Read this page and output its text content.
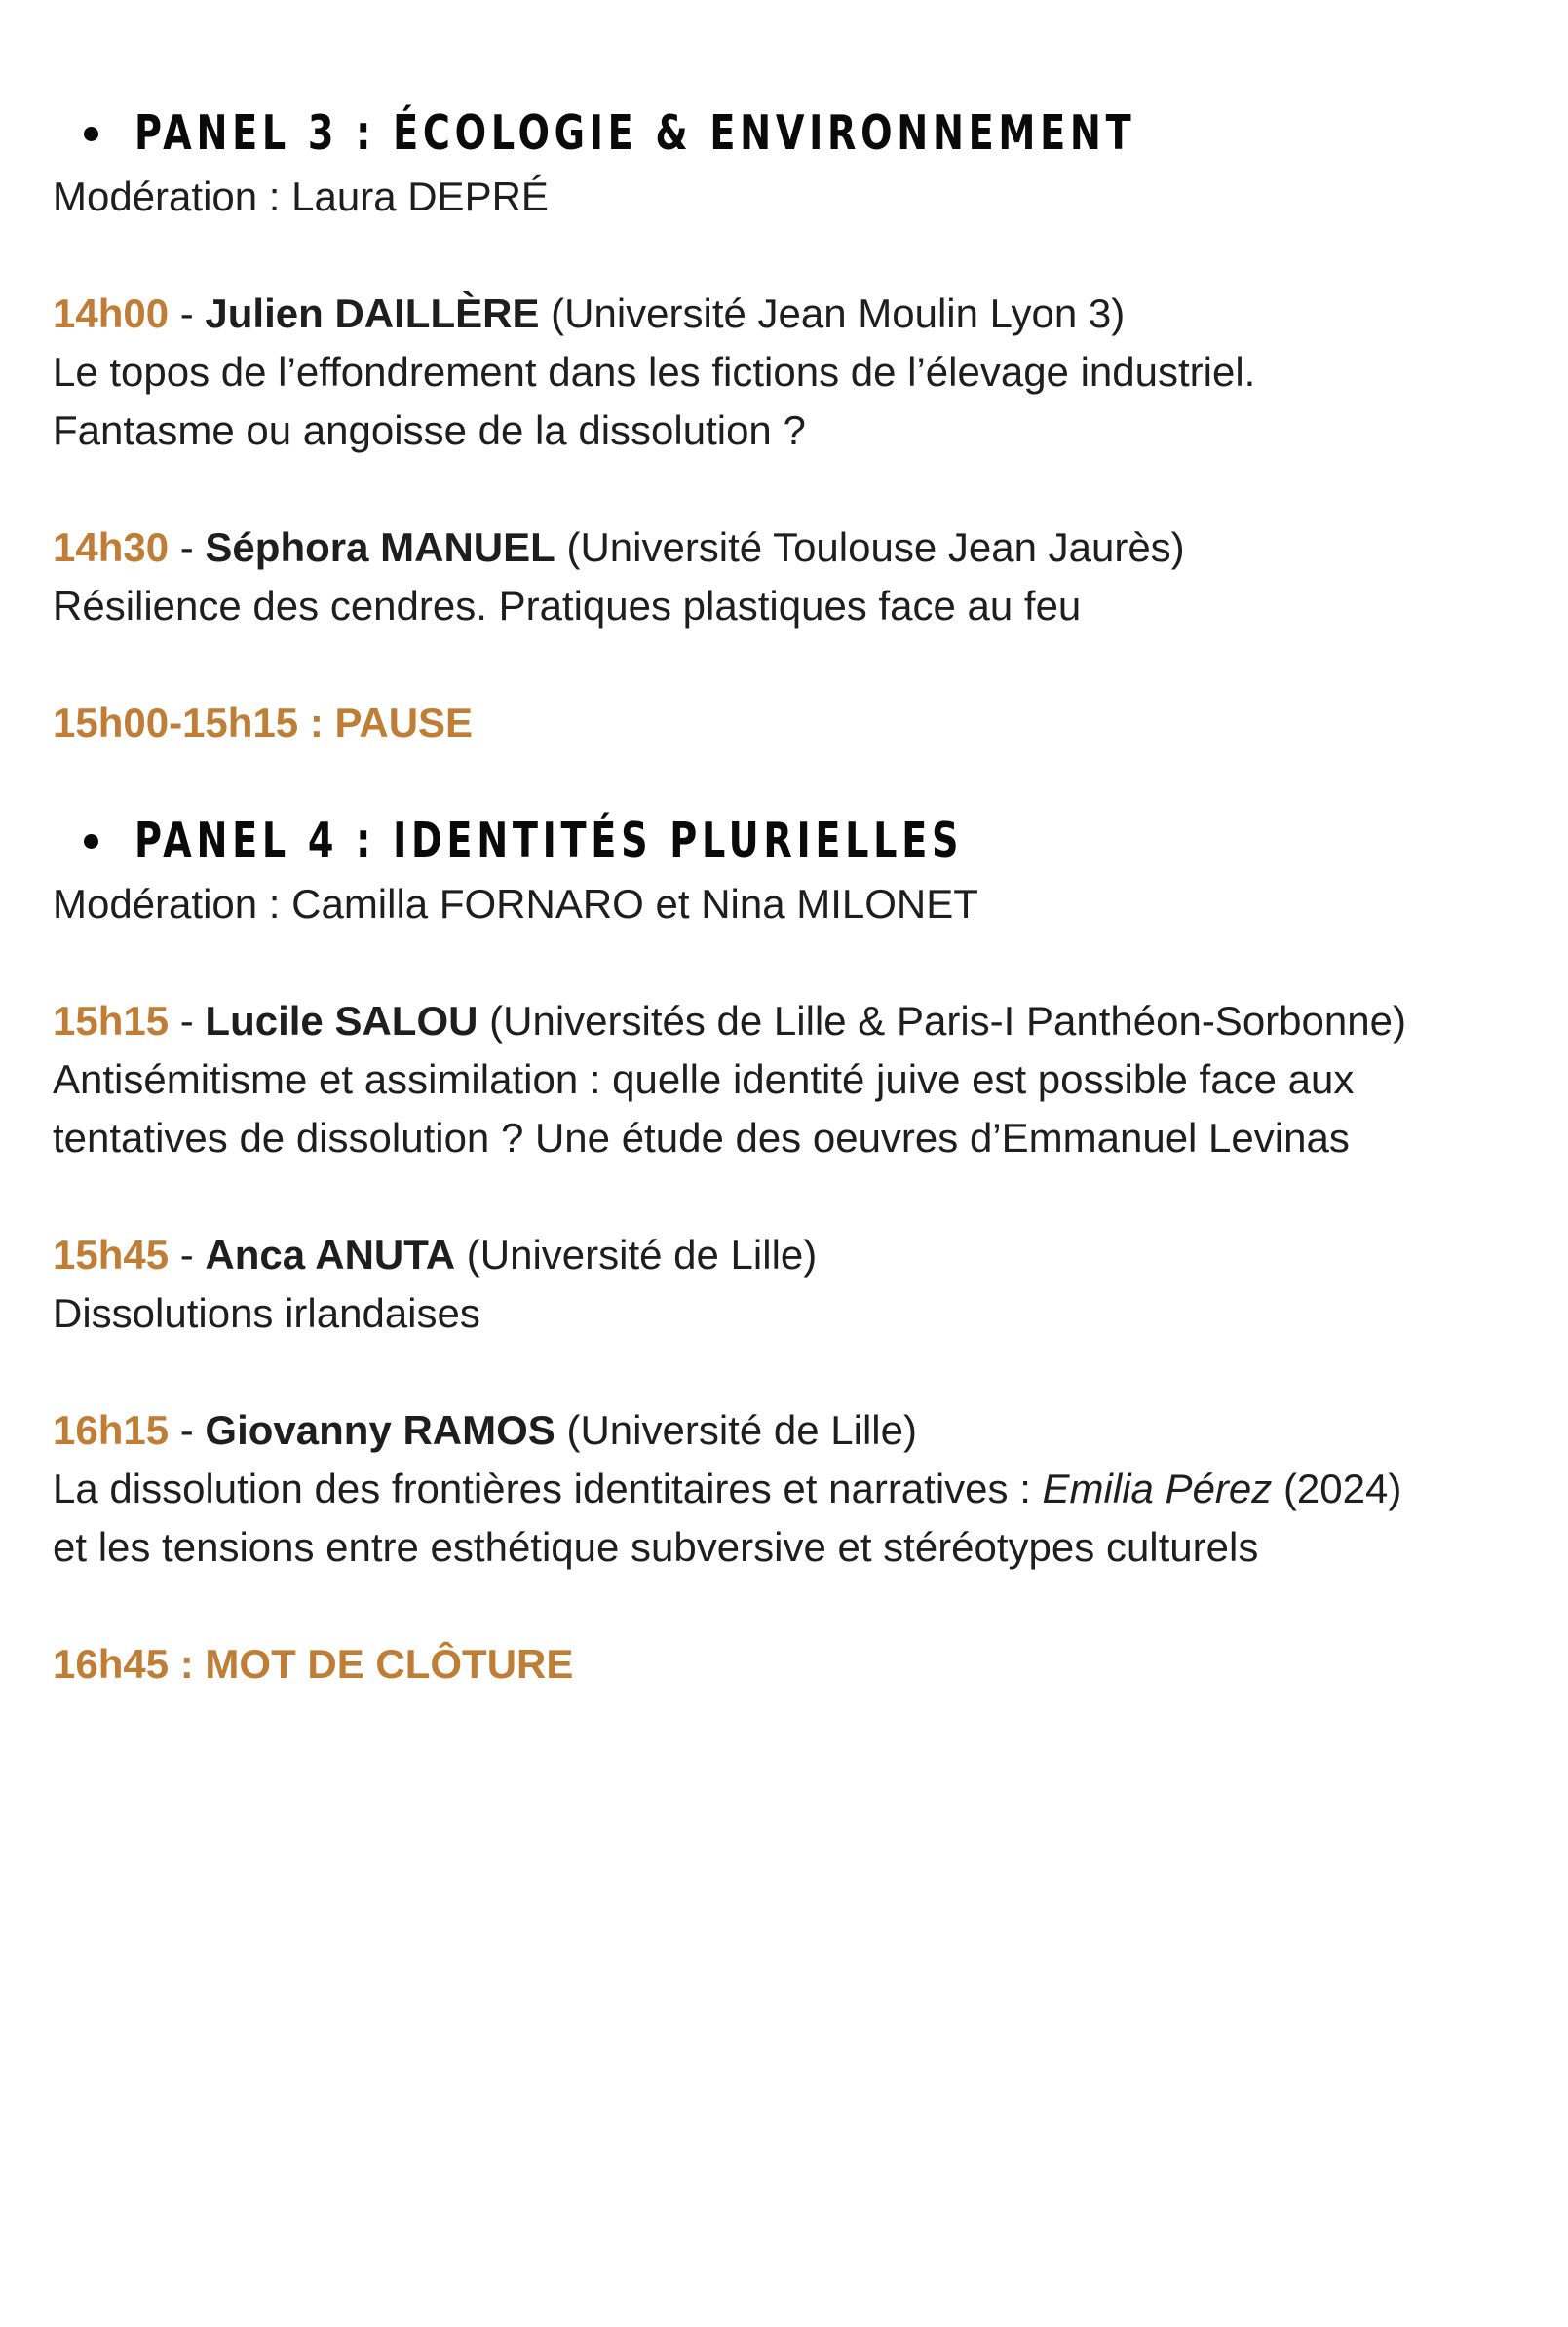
PANEL 3 : ÉCOLOGIE & ENVIRONNEMENT
Modération : Laura DEPRÉ
14h00 - Julien DAILLÈRE (Université Jean Moulin Lyon 3)
Le topos de l’effondrement dans les fictions de l’élevage industriel.
Fantasme ou angoisse de la dissolution ?
14h30 - Séphora MANUEL (Université Toulouse Jean Jaurès)
Résilience des cendres. Pratiques plastiques face au feu
15h00-15h15 : PAUSE
PANEL 4 : IDENTITÉS PLURIELLES
Modération : Camilla FORNARO et Nina MILONET
15h15 - Lucile SALOU (Universités de Lille & Paris-I Panthéon-Sorbonne)
Antisémitisme et assimilation : quelle identité juive est possible face aux
tentatives de dissolution ? Une étude des oeuvres d’Emmanuel Levinas
15h45 - Anca ANUTA (Université de Lille)
Dissolutions irlandaises
16h15 - Giovanny RAMOS (Université de Lille)
La dissolution des frontières identitaires et narratives : Emilia Pérez (2024)
et les tensions entre esthétique subversive et stéréotypes culturels
16h45 : MOT DE CLÔTURE
